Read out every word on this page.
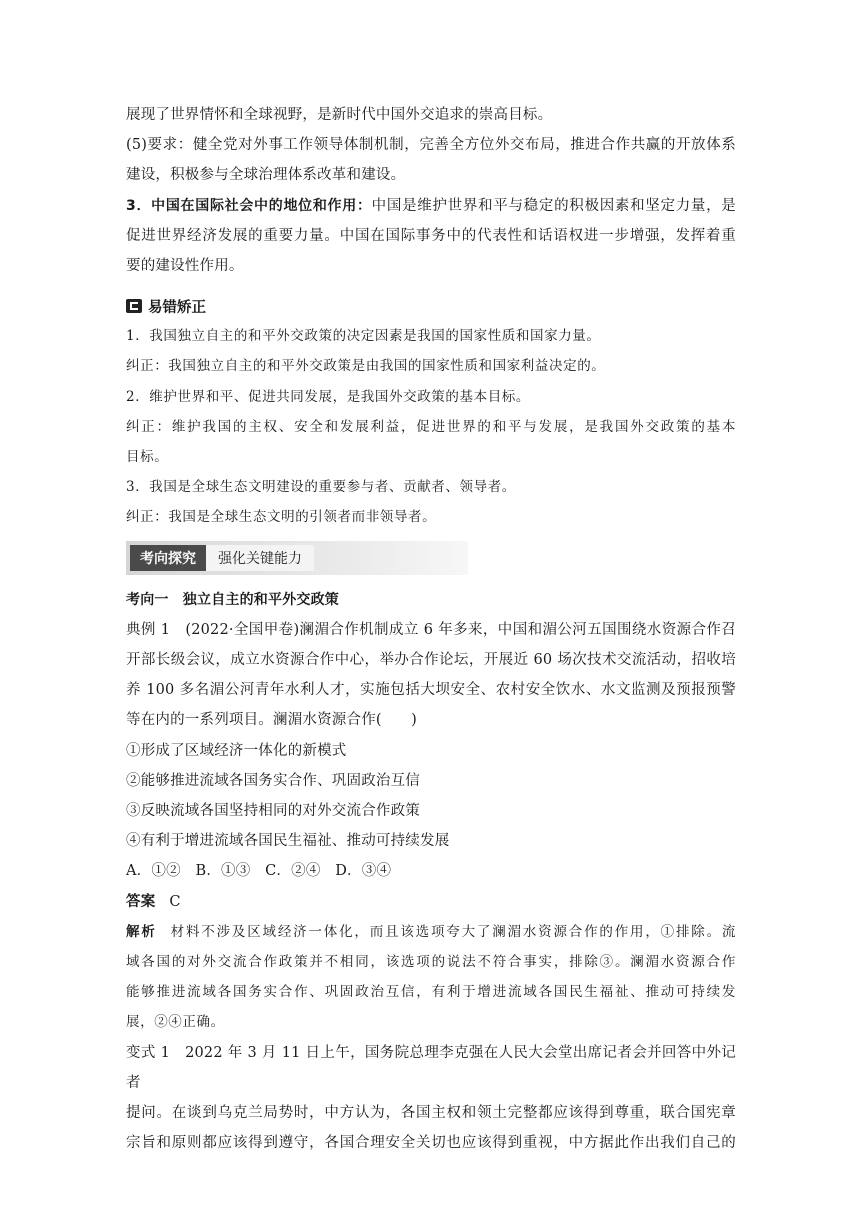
展现了世界情怀和全球视野，是新时代中国外交追求的崇高目标。
(5)要求：健全党对外事工作领导体制机制，完善全方位外交布局，推进合作共赢的开放体系
建设，积极参与全球治理体系改革和建设。
3．中国在国际社会中的地位和作用：中国是维护世界和平与稳定的积极因素和坚定力量，是
促进世界经济发展的重要力量。中国在国际事务中的代表性和话语权进一步增强，发挥着重
要的建设性作用。
易错矫正
1．我国独立自主的和平外交政策的决定因素是我国的国家性质和国家力量。
纠正：我国独立自主的和平外交政策是由我国的国家性质和国家利益决定的。
2．维护世界和平、促进共同发展，是我国外交政策的基本目标。
纠正：维护我国的主权、安全和发展利益，促进世界的和平与发展，是我国外交政策的基本
目标。
3．我国是全球生态文明建设的重要参与者、贡献者、领导者。
纠正：我国是全球生态文明的引领者而非领导者。
考向探究	强化关键能力
考向一　独立自主的和平外交政策
典例 1　(2022·全国甲卷)澜湄合作机制成立 6 年多来，中国和湄公河五国围绕水资源合作召
开部长级会议，成立水资源合作中心，举办合作论坛，开展近 60 场次技术交流活动，招收培
养 100 多名湄公河青年水利人才，实施包括大坝安全、农村安全饮水、水文监测及预报预警
等在内的一系列项目。澜湄水资源合作(　　)
①形成了区域经济一体化的新模式
②能够推进流域各国务实合作、巩固政治互信
③反映流域各国坚持相同的对外交流合作政策
④有利于增进流域各国民生福祉、推动可持续发展
A．①②　B．①③　C．②④　D．③④
答案 C
解析 材料不涉及区域经济一体化，而且该选项夸大了澜湄水资源合作的作用，①排除。流
域各国的对外交流合作政策并不相同，该选项的说法不符合事实，排除③。澜湄水资源合作
能够推进流域各国务实合作、巩固政治互信，有利于增进流域各国民生福祉、推动可持续发
展，②④正确。
变式 1　2022 年 3 月 11 日上午，国务院总理李克强在人民大会堂出席记者会并回答中外记者
提问。在谈到乌克兰局势时，中方认为，各国主权和领土完整都应该得到尊重，联合国宪章
宗旨和原则都应该得到遵守，各国合理安全关切也应该得到重视，中方据此作出我们自己的
